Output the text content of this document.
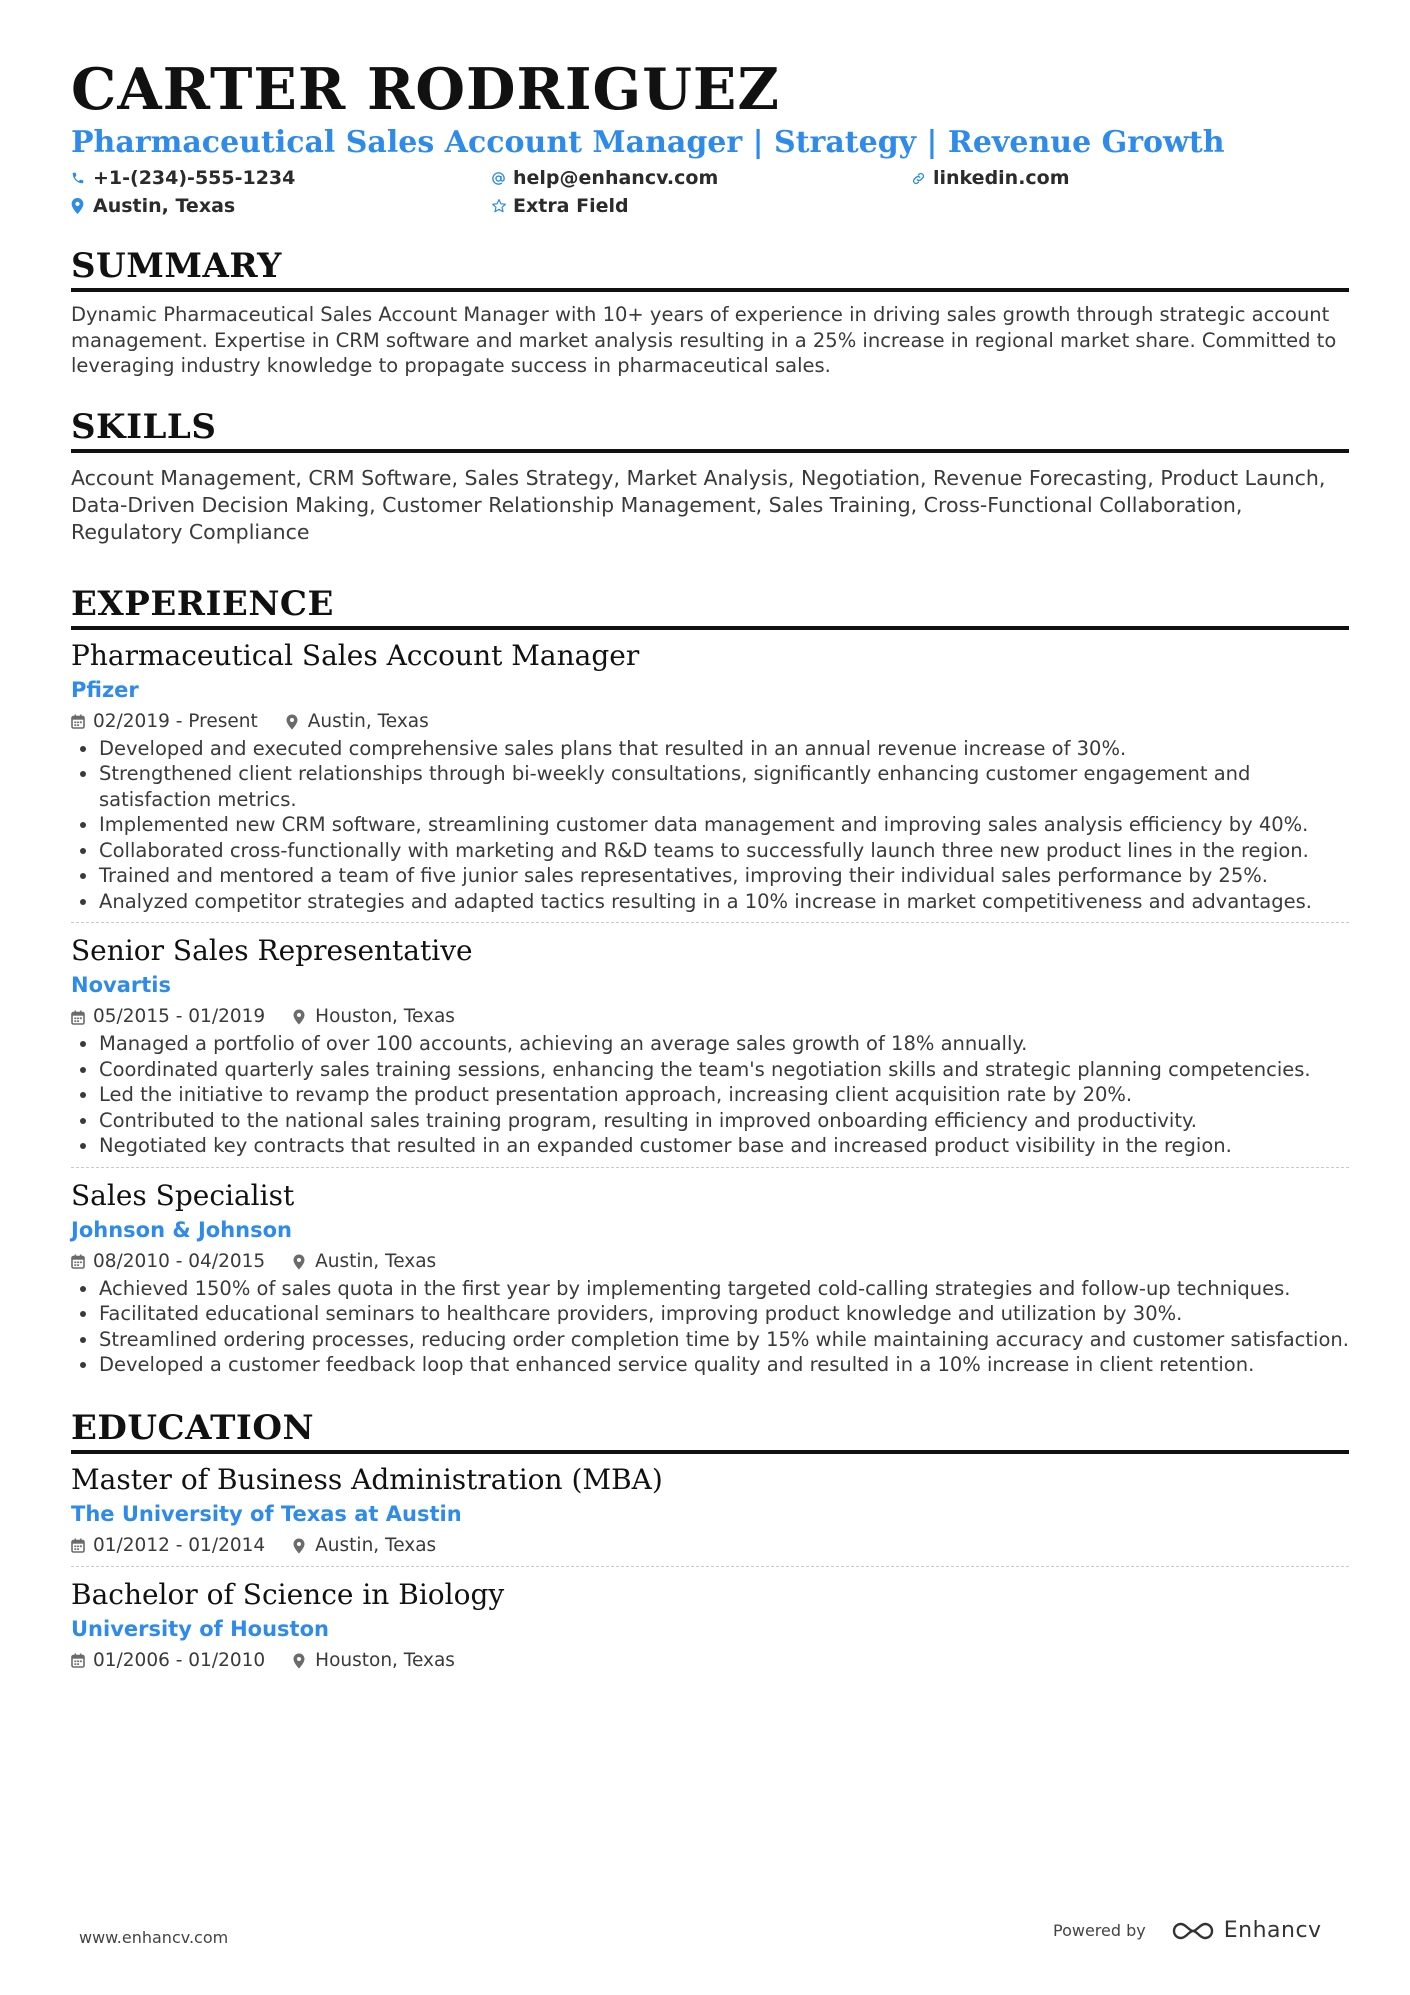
CARTER RODRIGUEZ
Pharmaceutical Sales Account Manager | Strategy | Revenue Growth
+1-(234)-555-1234	help@enhancv.com	linkedin.com
Austin, Texas	Extra Field
SUMMARY
Dynamic Pharmaceutical Sales Account Manager with 10+ years of experience in driving sales growth through strategic account management. Expertise in CRM software and market analysis resulting in a 25% increase in regional market share. Committed to leveraging industry knowledge to propagate success in pharmaceutical sales.
SKILLS
Account Management, CRM Software, Sales Strategy, Market Analysis, Negotiation, Revenue Forecasting, Product Launch, Data-Driven Decision Making, Customer Relationship Management, Sales Training, Cross-Functional Collaboration, Regulatory Compliance
EXPERIENCE
Pharmaceutical Sales Account Manager
Pfizer
02/2019 - Present	Austin, Texas
• Developed and executed comprehensive sales plans that resulted in an annual revenue increase of 30%.
• Strengthened client relationships through bi-weekly consultations, significantly enhancing customer engagement and satisfaction metrics.
• Implemented new CRM software, streamlining customer data management and improving sales analysis efficiency by 40%.
• Collaborated cross-functionally with marketing and R&D teams to successfully launch three new product lines in the region.
• Trained and mentored a team of five junior sales representatives, improving their individual sales performance by 25%.
• Analyzed competitor strategies and adapted tactics resulting in a 10% increase in market competitiveness and advantages.
Senior Sales Representative
Novartis
05/2015 - 01/2019	Houston, Texas
• Managed a portfolio of over 100 accounts, achieving an average sales growth of 18% annually.
• Coordinated quarterly sales training sessions, enhancing the team's negotiation skills and strategic planning competencies.
• Led the initiative to revamp the product presentation approach, increasing client acquisition rate by 20%.
• Contributed to the national sales training program, resulting in improved onboarding efficiency and productivity.
• Negotiated key contracts that resulted in an expanded customer base and increased product visibility in the region.
Sales Specialist
Johnson & Johnson
08/2010 - 04/2015	Austin, Texas
• Achieved 150% of sales quota in the first year by implementing targeted cold-calling strategies and follow-up techniques.
• Facilitated educational seminars to healthcare providers, improving product knowledge and utilization by 30%.
• Streamlined ordering processes, reducing order completion time by 15% while maintaining accuracy and customer satisfaction.
• Developed a customer feedback loop that enhanced service quality and resulted in a 10% increase in client retention.
EDUCATION
Master of Business Administration (MBA)
The University of Texas at Austin
01/2012 - 01/2014	Austin, Texas
Bachelor of Science in Biology
University of Houston
01/2006 - 01/2010	Houston, Texas
www.enhancv.com	Powered by	Enhancv
